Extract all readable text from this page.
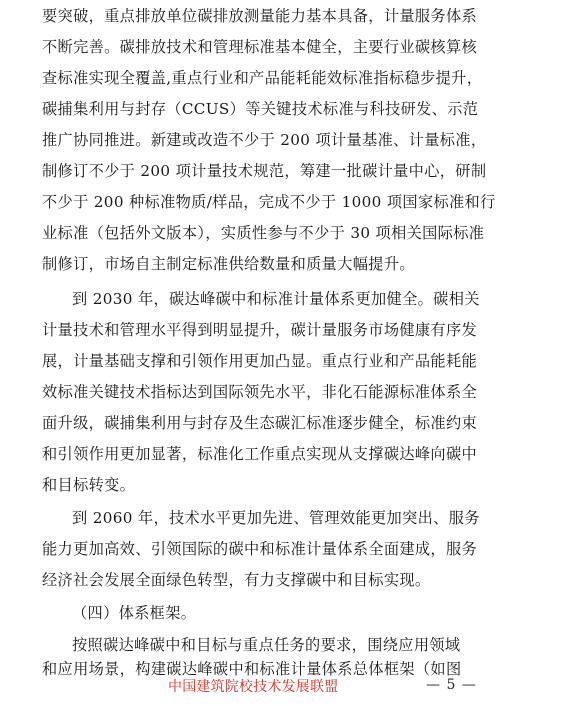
要突破，重点排放单位碳排放测量能力基本具备，计量服务体系
不断完善。碳排放技术和管理标准基本健全，主要行业碳核算核
查标准实现全覆盖,重点行业和产品能耗能效标准指标稳步提升，
碳捕集利用与封存（CCUS）等关键技术标准与科技研发、示范
推广协同推进。新建或改造不少于 200 项计量基准、计量标准，
制修订不少于 200 项计量技术规范，筹建一批碳计量中心，研制
不少于 200 种标准物质/样品，完成不少于 1000 项国家标准和行
业标准（包括外文版本），实质性参与不少于 30 项相关国际标准
制修订，市场自主制定标准供给数量和质量大幅提升。
到 2030 年，碳达峰碳中和标准计量体系更加健全。碳相关
计量技术和管理水平得到明显提升，碳计量服务市场健康有序发
展，计量基础支撑和引领作用更加凸显。重点行业和产品能耗能
效标准关键技术指标达到国际领先水平，非化石能源标准体系全
面升级，碳捕集利用与封存及生态碳汇标准逐步健全，标准约束
和引领作用更加显著，标准化工作重点实现从支撑碳达峰向碳中
和目标转变。
到 2060 年，技术水平更加先进、管理效能更加突出、服务
能力更加高效、引领国际的碳中和标准计量体系全面建成，服务
经济社会发展全面绿色转型，有力支撑碳中和目标实现。
（四）体系框架。
按照碳达峰碳中和目标与重点任务的要求，围绕应用领域
和应用场景，构建碳达峰碳中和标准计量体系总体框架（如图
中国建筑院校技术发展联盟	— 5 —
